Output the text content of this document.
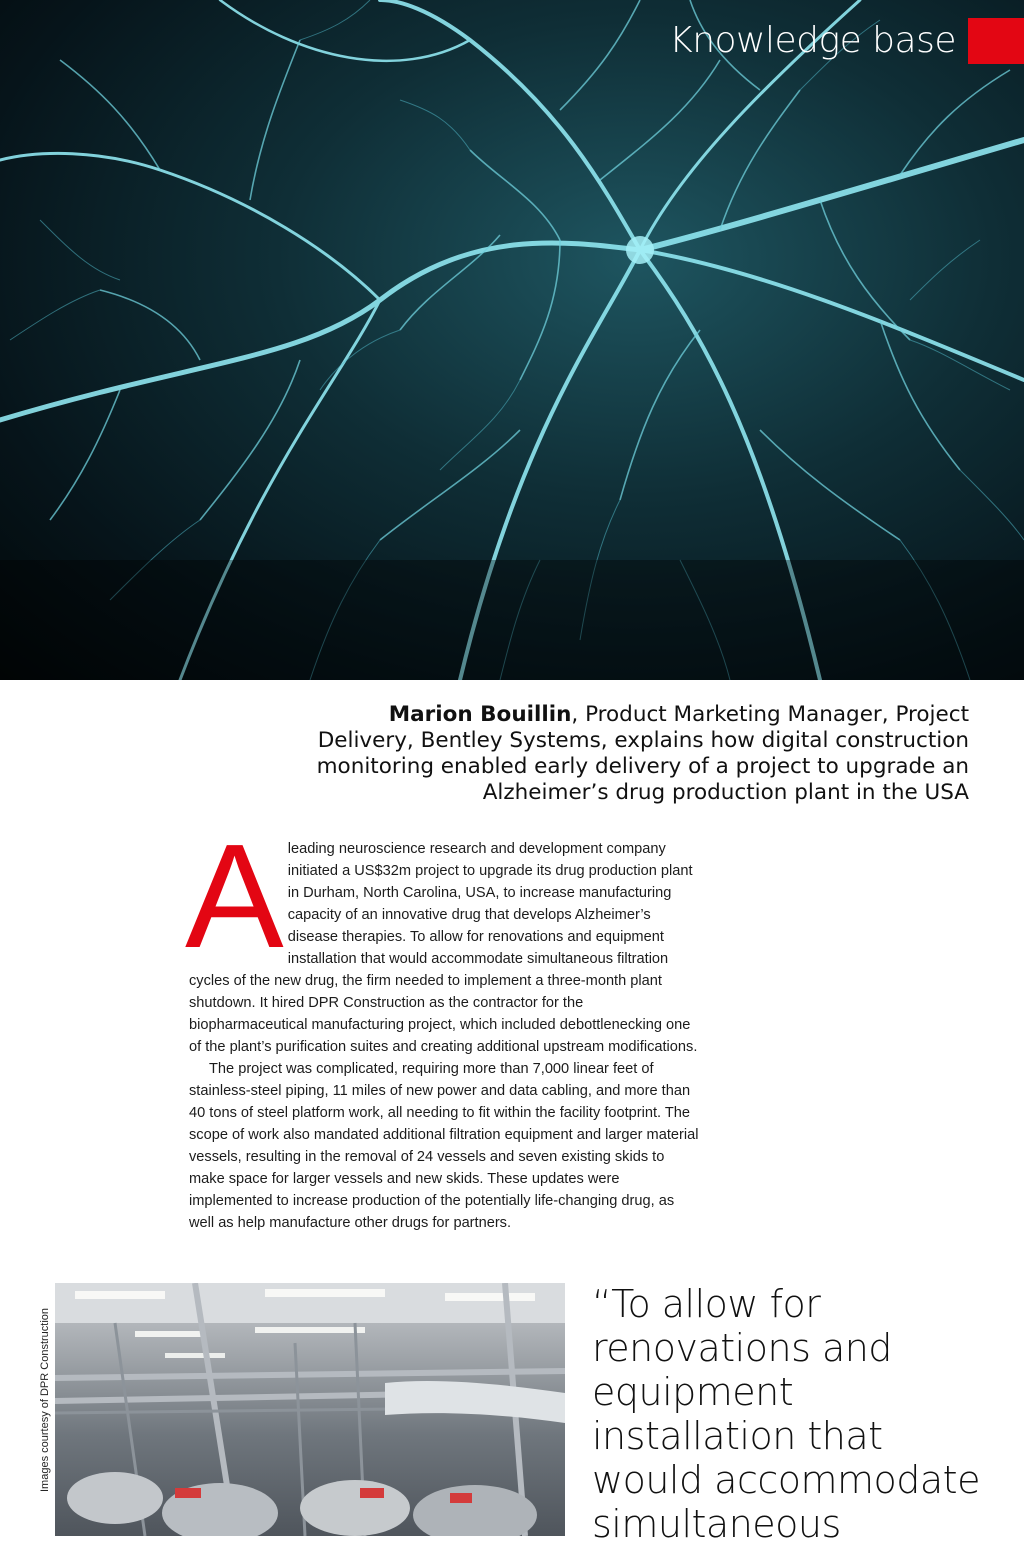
Knowledge base
Marion Bouillin, Product Marketing Manager, Project Delivery, Bentley Systems, explains how digital construction monitoring enabled early delivery of a project to upgrade an Alzheimer’s drug production plant in the USA
A leading neuroscience research and development company initiated a US$32m project to upgrade its drug production plant in Durham, North Carolina, USA, to increase manufacturing capacity of an innovative drug that develops Alzheimer’s disease therapies. To allow for renovations and equipment installation that would accommodate simultaneous filtration cycles of the new drug, the firm needed to implement a three-month plant shutdown. It hired DPR Construction as the contractor for the biopharmaceutical manufacturing project, which included debottlenecking one of the plant’s purification suites and creating additional upstream modifications.

The project was complicated, requiring more than 7,000 linear feet of stainless-steel piping, 11 miles of new power and data cabling, and more than 40 tons of steel platform work, all needing to fit within the facility footprint. The scope of work also mandated additional filtration equipment and larger material vessels, resulting in the removal of 24 vessels and seven existing skids to make space for larger vessels and new skids. These updates were implemented to increase production of the potentially life-changing drug, as well as help manufacture other drugs for partners.

Images courtesy of DPR Construction
“To allow for renovations and equipment installation that would accommodate simultaneous
